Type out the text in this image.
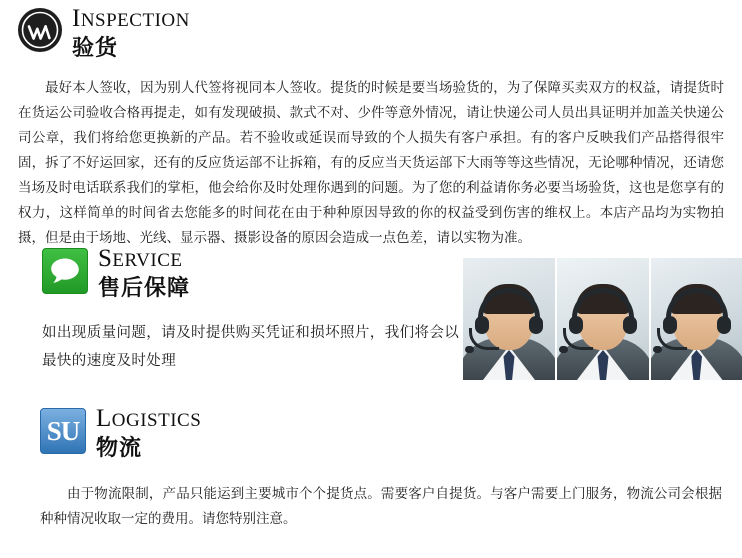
INSPECTION
验货
最好本人签收，因为别人代签将视同本人签收。提货的时候是要当场验货的，为了保障买卖双方的权益，请提货时在货运公司验收合格再提走，如有发现破损、款式不对、少件等意外情况，请让快递公司人员出具证明并加盖关快递公司公章，我们将给您更换新的产品。若不验收或延误而导致的个人损失有客户承担。有的客户反映我们产品搭得很牢固，拆了不好运回家，还有的反应货运部不让拆箱，有的反应当天货运部下大雨等等这些情况，无论哪种情况，还请您当场及时电话联系我们的掌柜，他会给你及时处理你遇到的问题。为了您的利益请你务必要当场验货，这也是您享有的权力，这样简单的时间省去您能多的时间花在由于种种原因导致的你的权益受到伤害的维权上。本店产品均为实物拍摄，但是由于场地、光线、显示器、摄影设备的原因会造成一点色差，请以实物为准。
SERVICE
售后保障
如出现质量问题，请及时提供购买凭证和损坏照片，我们将会以最快的速度及时处理
SU LOGISTICS
物流
由于物流限制，产品只能运到主要城市个个提货点。需要客户自提货。与客户需要上门服务，物流公司会根据种种情况收取一定的费用。请您特别注意。
